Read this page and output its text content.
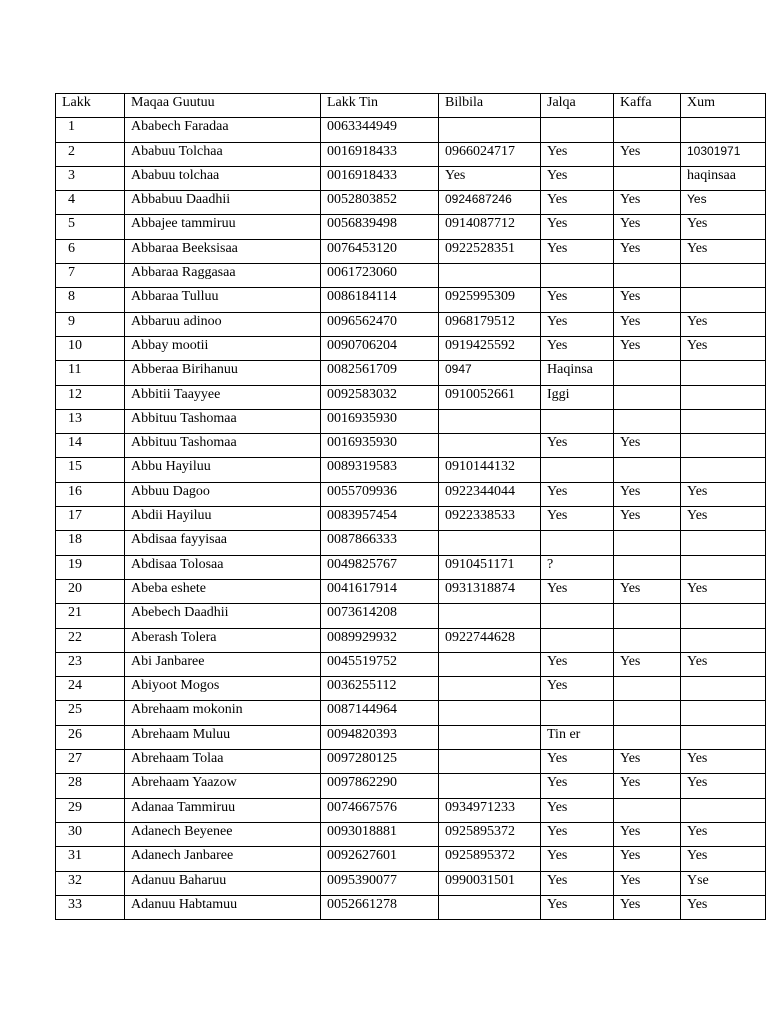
Lakk	Maqaa Guutuu	Lakk Tin	Bilbila	Jalqa	Kaffa	Xum
1	Ababech Faradaa	0063344949				
2	Ababuu Tolchaa	0016918433	0966024717	Yes	Yes	10301971
3	Ababuu tolchaa	0016918433	Yes	Yes		haqinsaa
4	Abbabuu Daadhii	0052803852	0924687246	Yes	Yes	Yes
5	Abbajee tammiruu	0056839498	0914087712	Yes	Yes	Yes
6	Abbaraa Beeksisaa	0076453120	0922528351	Yes	Yes	Yes
7	Abbaraa Raggasaa	0061723060				
8	Abbaraa Tulluu	0086184114	0925995309	Yes	Yes	
9	Abbaruu adinoo	0096562470	0968179512	Yes	Yes	Yes
10	Abbay mootii	0090706204	0919425592	Yes	Yes	Yes
11	Abberaa Birihanuu	0082561709	0947	Haqinsa		
12	Abbitii Taayyee	0092583032	0910052661	Iggi		
13	Abbituu Tashomaa	0016935930				
14	Abbituu Tashomaa	0016935930		Yes	Yes	
15	Abbu Hayiluu	0089319583	0910144132			
16	Abbuu Dagoo	0055709936	0922344044	Yes	Yes	Yes
17	Abdii Hayiluu	0083957454	0922338533	Yes	Yes	Yes
18	Abdisaa fayyisaa	0087866333				
19	Abdisaa Tolosaa	0049825767	0910451171	?		
20	Abeba eshete	0041617914	0931318874	Yes	Yes	Yes
21	Abebech Daadhii	0073614208				
22	Aberash Tolera	0089929932	0922744628			
23	Abi Janbaree	0045519752		Yes	Yes	Yes
24	Abiyoot Mogos	0036255112		Yes		
25	Abrehaam mokonin	0087144964				
26	Abrehaam Muluu	0094820393		Tin er		
27	Abrehaam Tolaa	0097280125		Yes	Yes	Yes
28	Abrehaam Yaazow	0097862290		Yes	Yes	Yes
29	Adanaa Tammiruu	0074667576	0934971233	Yes		
30	Adanech Beyenee	0093018881	0925895372	Yes	Yes	Yes
31	Adanech Janbaree	0092627601	0925895372	Yes	Yes	Yes
32	Adanuu Baharuu	0095390077	0990031501	Yes	Yes	Yse
33	Adanuu Habtamuu	0052661278		Yes	Yes	Yes
